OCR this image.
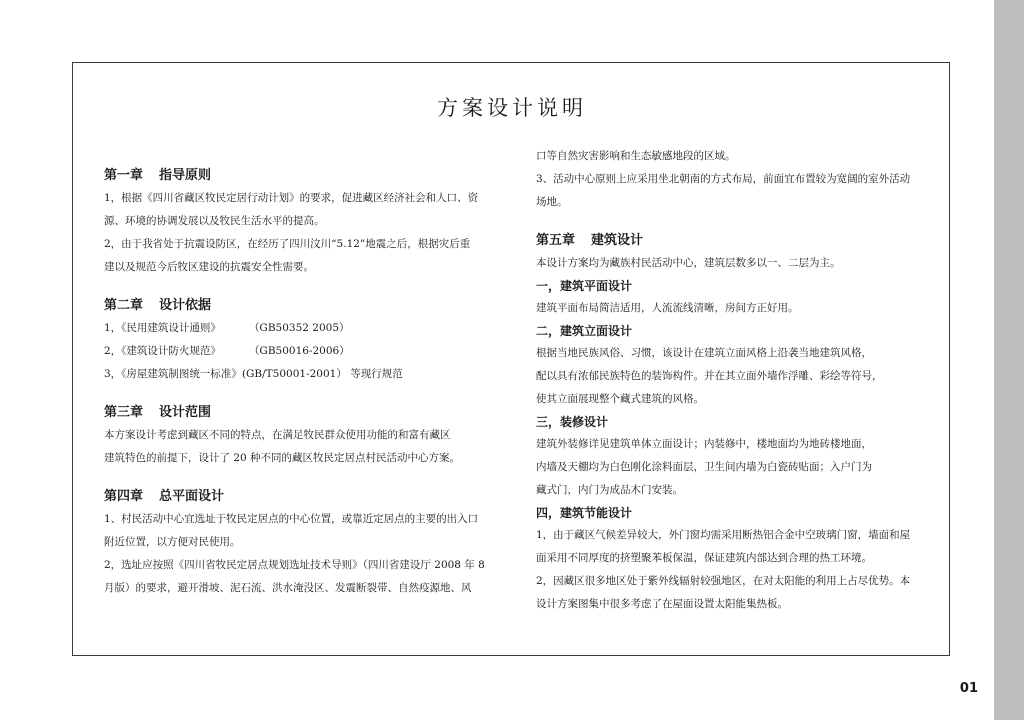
方案设计说明

第一章 指导原则

1，根据《四川省藏区牧民定居行动计划》的要求，促进藏区经济社会和人口、资

源、环境的协调发展以及牧民生活水平的提高。

2，由于我省处于抗震设防区，在经历了四川汶川“5.12”地震之后，根据灾后重

建以及规范今后牧区建设的抗震安全性需要。

第二章 设计依据

1，《民用建筑设计通则》	（GB50352 2005）

2，《建筑设计防火规范》	（GB50016-2006）

3，《房屋建筑制图统一标准》(GB/T50001-2001） 等现行规范

第三章 设计范围

本方案设计考虑到藏区不同的特点，在满足牧民群众使用功能的和富有藏区

建筑特色的前提下，设计了 20 种不同的藏区牧民定居点村民活动中心方案。

第四章 总平面设计

1、村民活动中心宜选址于牧民定居点的中心位置，或靠近定居点的主要的出入口

附近位置，以方便对民使用。

2，选址应按照《四川省牧民定居点规划选址技术导则》（四川省建设厅 2008 年 8

月版）的要求，避开滑坡、泥石流、洪水淹没区、发震断裂带、自然疫源地、风

口等自然灾害影响和生态敏感地段的区域。

3、活动中心原则上应采用坐北朝南的方式布局，前面宜布置较为宽阔的室外活动

场地。

第五章 建筑设计

本设计方案均为藏族村民活动中心，建筑层数多以一、二层为主。

一，建筑平面设计

建筑平面布局简洁适用，人流流线清晰，房间方正好用。

二，建筑立面设计

根据当地民族风俗、习惯，该设计在建筑立面风格上沿袭当地建筑风格，

配以具有浓郁民族特色的装饰构件。并在其立面外墙作浮雕、彩绘等符号，

使其立面展现整个藏式建筑的风格。

三，装修设计

建筑外装修详见建筑单体立面设计；内装修中，楼地面均为地砖楼地面，

内墙及天棚均为白色刚化涂料面层，卫生间内墙为白瓷砖贴面；入户门为

藏式门，内门为成品木门安装。

四，建筑节能设计

1，由于藏区气候差异较大，外门窗均需采用断热铝合金中空玻璃门窗，墙面和屋

面采用不同厚度的挤塑聚苯板保温，保证建筑内部达到合理的热工环境。

2，因藏区很多地区处于紫外线辐射较强地区，在对太阳能的利用上占尽优势。本

设计方案图集中很多考虑了在屋面设置太阳能集热板。

01
